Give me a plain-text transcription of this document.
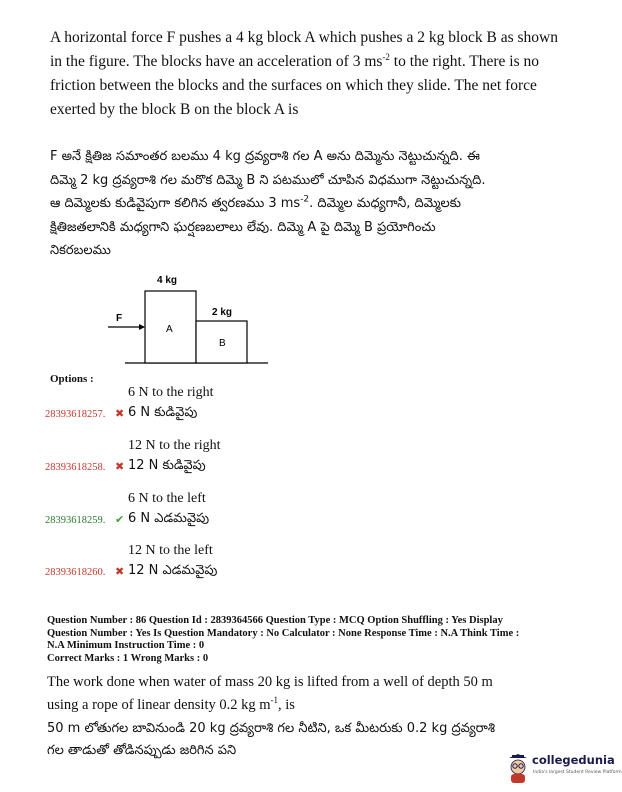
A horizontal force F pushes a 4 kg block A which pushes a 2 kg block B as shown
in the figure. The blocks have an acceleration of 3 $ms^{-2}$ to the right. There is no
friction between the blocks and the surfaces on which they slide. The net force
exerted by the block B on the block A is
F అనే క్షితిజ సమాంతర బలము 4 kg ద్రవ్యరాశి గల A అను దిమ్మెను నెట్టుచున్నది. ఈ
దిమ్మె 2 kg ద్రవ్యరాశి గల మరొక దిమ్మె B ని పటములో చూపిన విధముగా నెట్టుచున్నది.
ఆ దిమ్మెలకు కుడివైపుగా కలిగిన త్వరణము 3 $ms^{-2}$. దిమ్మెల మధ్యగానీ, దిమ్మెలకు
క్షితిజతలానికి మధ్యగాని ఘర్షణబలాలు లేవు. దిమ్మె A పై దిమ్మె B ప్రయోగించు
నికరబలము
F
4 kg
A
2 kg
B
Options :
6 N to the right
28393618257. ✖ 6 N కుడివైపు
12 N to the right
28393618258. ✖ 12 N కుడివైపు
6 N to the left
28393618259. ✔ 6 N ఎడమవైపు
12 N to the left
28393618260. ✖ 12 N ఎడమవైపు
Question Number : 86 Question Id : 2839364566 Question Type : MCQ Option Shuffling : Yes Display
Question Number : Yes Is Question Mandatory : No Calculator : None Response Time : N.A Think Time :
N.A Minimum Instruction Time : 0
Correct Marks : 1 Wrong Marks : 0
The work done when water of mass 20 kg is lifted from a well of depth 50 m
using a rope of linear density 0.2 kg $m^{-1}$, is
50 m లోతుగల బావినుండి 20 kg ద్రవ్యరాశి గల నీటిని, ఒక మీటరుకు 0.2 kg ద్రవ్యరాశి
గల తాడుతో తోడినప్పుడు జరిగిన పని
collegedunia
India's largest Student Review Platform
